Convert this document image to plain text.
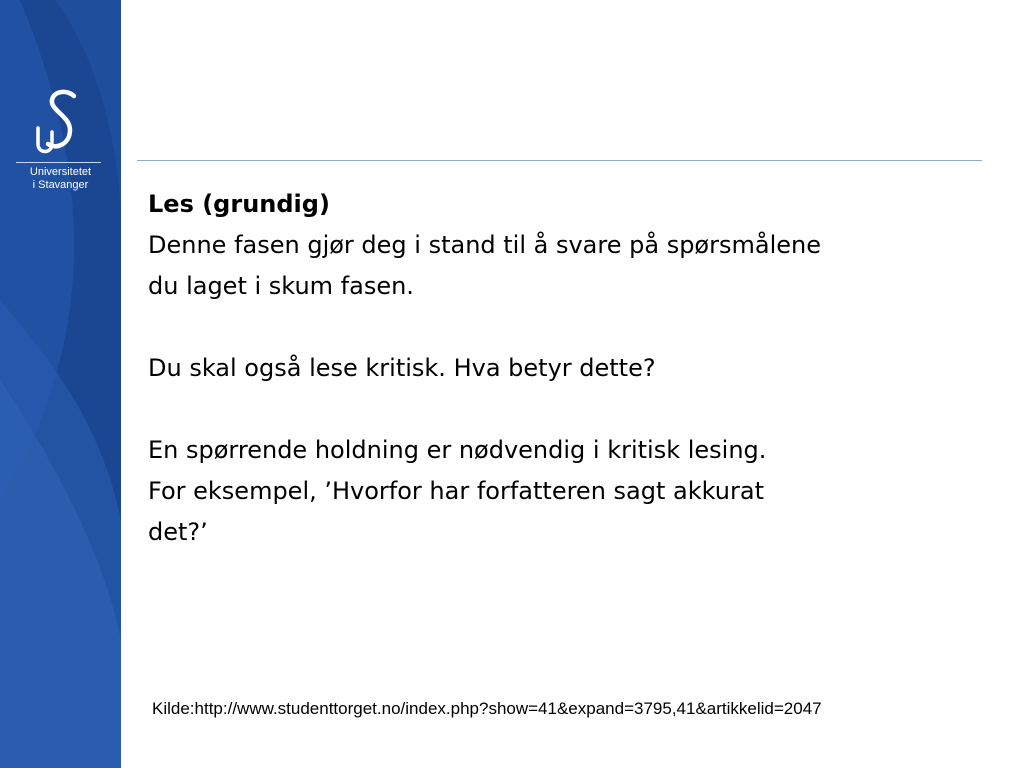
Universitetet
i Stavanger

Les (grundig)

Denne fasen gjør deg i stand til å svare på spørsmålene

du laget i skum fasen.

Du skal også lese kritisk. Hva betyr dette?

En spørrende holdning er nødvendig i kritisk lesing.

For eksempel, ’Hvorfor har forfatteren sagt akkurat

det?’

Kilde:http://www.studenttorget.no/index.php?show=41&expand=3795,41&artikkelid=2047
